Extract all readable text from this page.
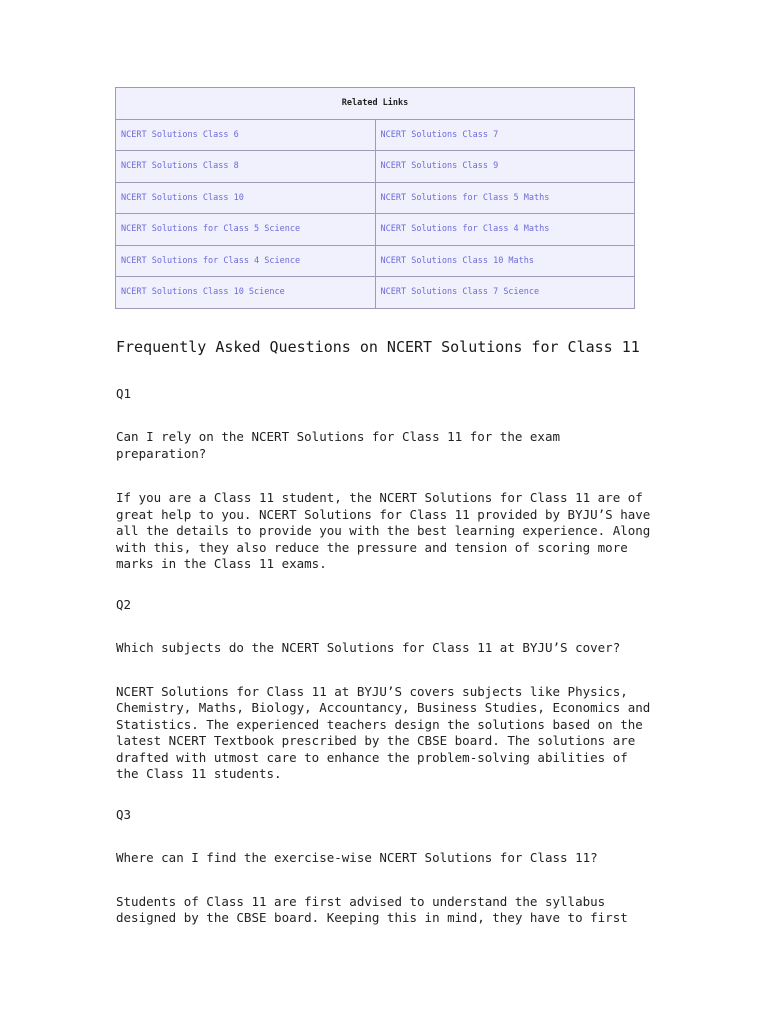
Related Links	
NCERT Solutions Class 6	NCERT Solutions Class 7
NCERT Solutions Class 8	NCERT Solutions Class 9
NCERT Solutions Class 10	NCERT Solutions for Class 5 Maths
NCERT Solutions for Class 5 Science	NCERT Solutions for Class 4 Maths
NCERT Solutions for Class 4 Science	NCERT Solutions Class 10 Maths
NCERT Solutions Class 10 Science	NCERT Solutions Class 7 Science
Frequently Asked Questions on NCERT Solutions for Class 11

Q1

Can I rely on the NCERT Solutions for Class 11 for the exam preparation?

If you are a Class 11 student, the NCERT Solutions for Class 11 are of great help to you. NCERT Solutions for Class 11 provided by BYJU’S have all the details to provide you with the best learning experience. Along with this, they also reduce the pressure and tension of scoring more marks in the Class 11 exams.

Q2

Which subjects do the NCERT Solutions for Class 11 at BYJU’S cover?

NCERT Solutions for Class 11 at BYJU’S covers subjects like Physics, Chemistry, Maths, Biology, Accountancy, Business Studies, Economics and Statistics. The experienced teachers design the solutions based on the latest NCERT Textbook prescribed by the CBSE board. The solutions are drafted with utmost care to enhance the problem-solving abilities of the Class 11 students.

Q3

Where can I find the exercise-wise NCERT Solutions for Class 11?

Students of Class 11 are first advised to understand the syllabus designed by the CBSE board. Keeping this in mind, they have to first
